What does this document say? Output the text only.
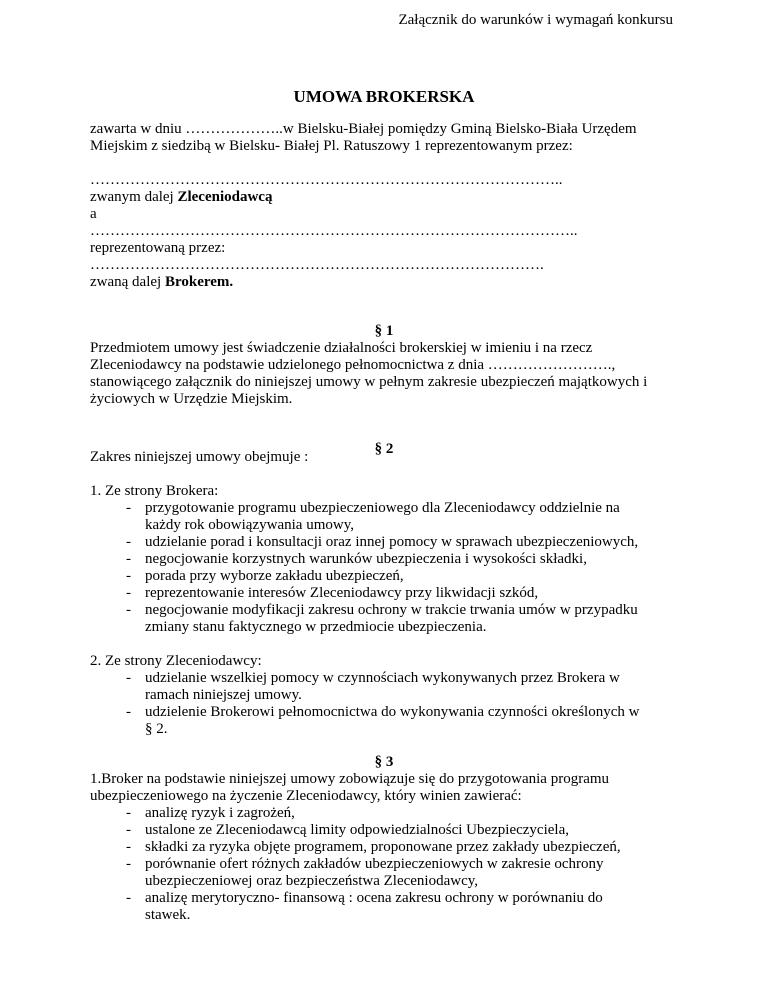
Załącznik do warunków i wymagań konkursu
UMOWA BROKERSKA
zawarta w dniu ………………..w Bielsku-Białej pomiędzy Gminą Bielsko-Biała Urzędem
Miejskim z siedzibą w Bielsku- Białej Pl. Ratuszowy 1 reprezentowanym przez:
…………………………………………………………………………………..
zwanym dalej Zleceniodawcą
a
……………………………………………………………………………………..
reprezentowaną przez:
……………………………………………………………………………….
zwaną dalej Brokerem.
§ 1
Przedmiotem umowy jest świadczenie działalności brokerskiej w imieniu i na rzecz
Zleceniodawcy na podstawie udzielonego pełnomocnictwa z dnia …………………….,
stanowiącego załącznik do niniejszej umowy w pełnym zakresie ubezpieczeń majątkowych i
życiowych w Urzędzie Miejskim.
§ 2
Zakres niniejszej umowy obejmuje :
1. Ze strony Brokera:
- przygotowanie programu ubezpieczeniowego dla Zleceniodawcy oddzielnie na
każdy rok obowiązywania umowy,
- udzielanie porad i konsultacji oraz innej pomocy w sprawach ubezpieczeniowych,
- negocjowanie korzystnych warunków ubezpieczenia i wysokości składki,
- porada przy wyborze zakładu ubezpieczeń,
- reprezentowanie interesów Zleceniodawcy przy likwidacji szkód,
- negocjowanie modyfikacji zakresu ochrony w trakcie trwania umów w przypadku
zmiany stanu faktycznego w przedmiocie ubezpieczenia.
2. Ze strony Zleceniodawcy:
- udzielanie wszelkiej pomocy w czynnościach wykonywanych przez Brokera w
ramach niniejszej umowy.
- udzielenie Brokerowi pełnomocnictwa do wykonywania czynności określonych w
§ 2.
§ 3
1.Broker na podstawie niniejszej umowy zobowiązuje się do przygotowania programu
ubezpieczeniowego na życzenie Zleceniodawcy, który winien zawierać:
- analizę ryzyk i zagrożeń,
- ustalone ze Zleceniodawcą limity odpowiedzialności Ubezpieczyciela,
- składki za ryzyka objęte programem, proponowane przez zakłady ubezpieczeń,
- porównanie ofert różnych zakładów ubezpieczeniowych w zakresie ochrony
ubezpieczeniowej oraz bezpieczeństwa Zleceniodawcy,
- analizę merytoryczno- finansową : ocena zakresu ochrony w porównaniu do
stawek.
